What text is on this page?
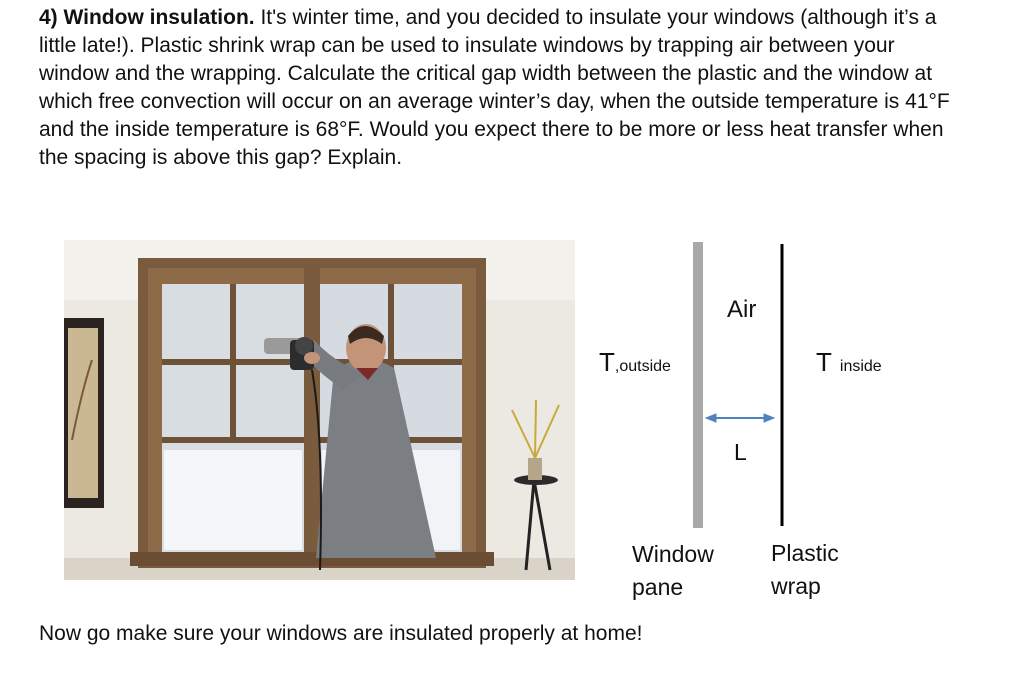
4) Window insulation. It's winter time, and you decided to insulate your windows (although it’s a little late!). Plastic shrink wrap can be used to insulate windows by trapping air between your window and the wrapping. Calculate the critical gap width between the plastic and the window at which free convection will occur on an average winter’s day, when the outside temperature is 41°F and the inside temperature is 68°F. Would you expect there to be more or less heat transfer when the spacing is above this gap? Explain.

Air
T,outside	Tinside
L
Window
pane
Plastic
wrap
Now go make sure your windows are insulated properly at home!
